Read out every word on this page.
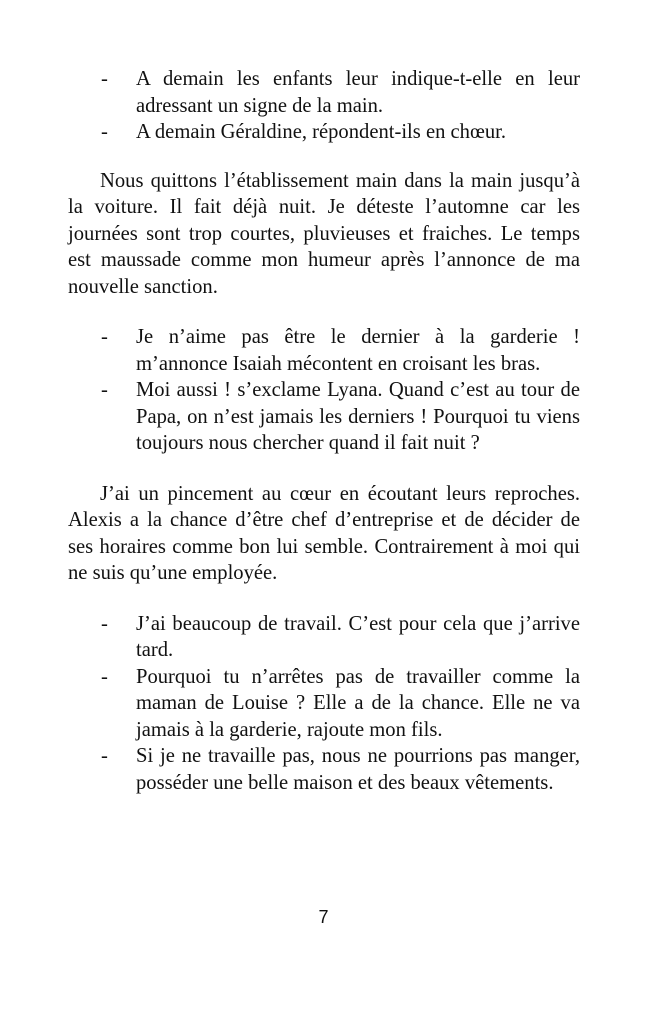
- A demain les enfants leur indique-t-elle en leur adressant un signe de la main.
- A demain Géraldine, répondent-ils en chœur.

Nous quittons l’établissement main dans la main jusqu’à la voiture. Il fait déjà nuit. Je déteste l’automne car les journées sont trop courtes, pluvieuses et fraiches. Le temps est maussade comme mon humeur après l’annonce de ma nouvelle sanction.

- Je n’aime pas être le dernier à la garderie ! m’annonce Isaiah mécontent en croisant les bras.
- Moi aussi ! s’exclame Lyana. Quand c’est au tour de Papa, on n’est jamais les derniers ! Pourquoi tu viens toujours nous chercher quand il fait nuit ?

J’ai un pincement au cœur en écoutant leurs reproches. Alexis a la chance d’être chef d’entreprise et de décider de ses horaires comme bon lui semble. Contrairement à moi qui ne suis qu’une employée.

- J’ai beaucoup de travail. C’est pour cela que j’arrive tard.
- Pourquoi tu n’arrêtes pas de travailler comme la maman de Louise ? Elle a de la chance. Elle ne va jamais à la garderie, rajoute mon fils.
- Si je ne travaille pas, nous ne pourrions pas manger, posséder une belle maison et des beaux vêtements.
7
